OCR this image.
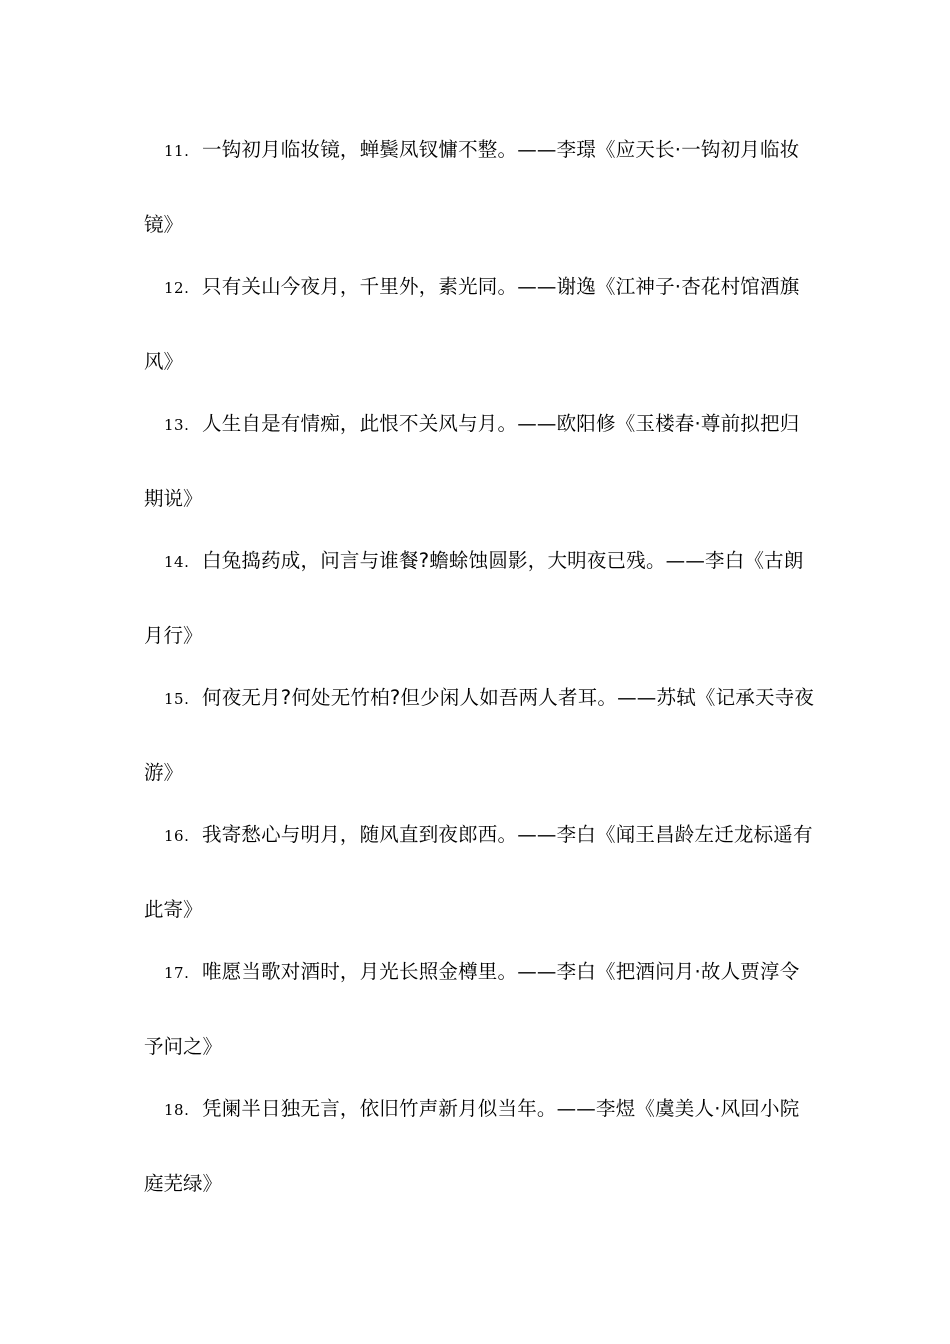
11. 一钩初月临妆镜，蝉鬓凤钗慵不整。——李璟《应天长·一钩初月临妆
镜》
12. 只有关山今夜月，千里外，素光同。——谢逸《江神子·杏花村馆酒旗
风》
13. 人生自是有情痴，此恨不关风与月。——欧阳修《玉楼春·尊前拟把归
期说》
14. 白兔捣药成，问言与谁餐?蟾蜍蚀圆影，大明夜已残。——李白《古朗
月行》
15. 何夜无月?何处无竹柏?但少闲人如吾两人者耳。——苏轼《记承天寺夜
游》
16. 我寄愁心与明月，随风直到夜郎西。——李白《闻王昌龄左迁龙标遥有
此寄》
17. 唯愿当歌对酒时，月光长照金樽里。——李白《把酒问月·故人贾淳令
予问之》
18. 凭阑半日独无言，依旧竹声新月似当年。——李煜《虞美人·风回小院
庭芜绿》
